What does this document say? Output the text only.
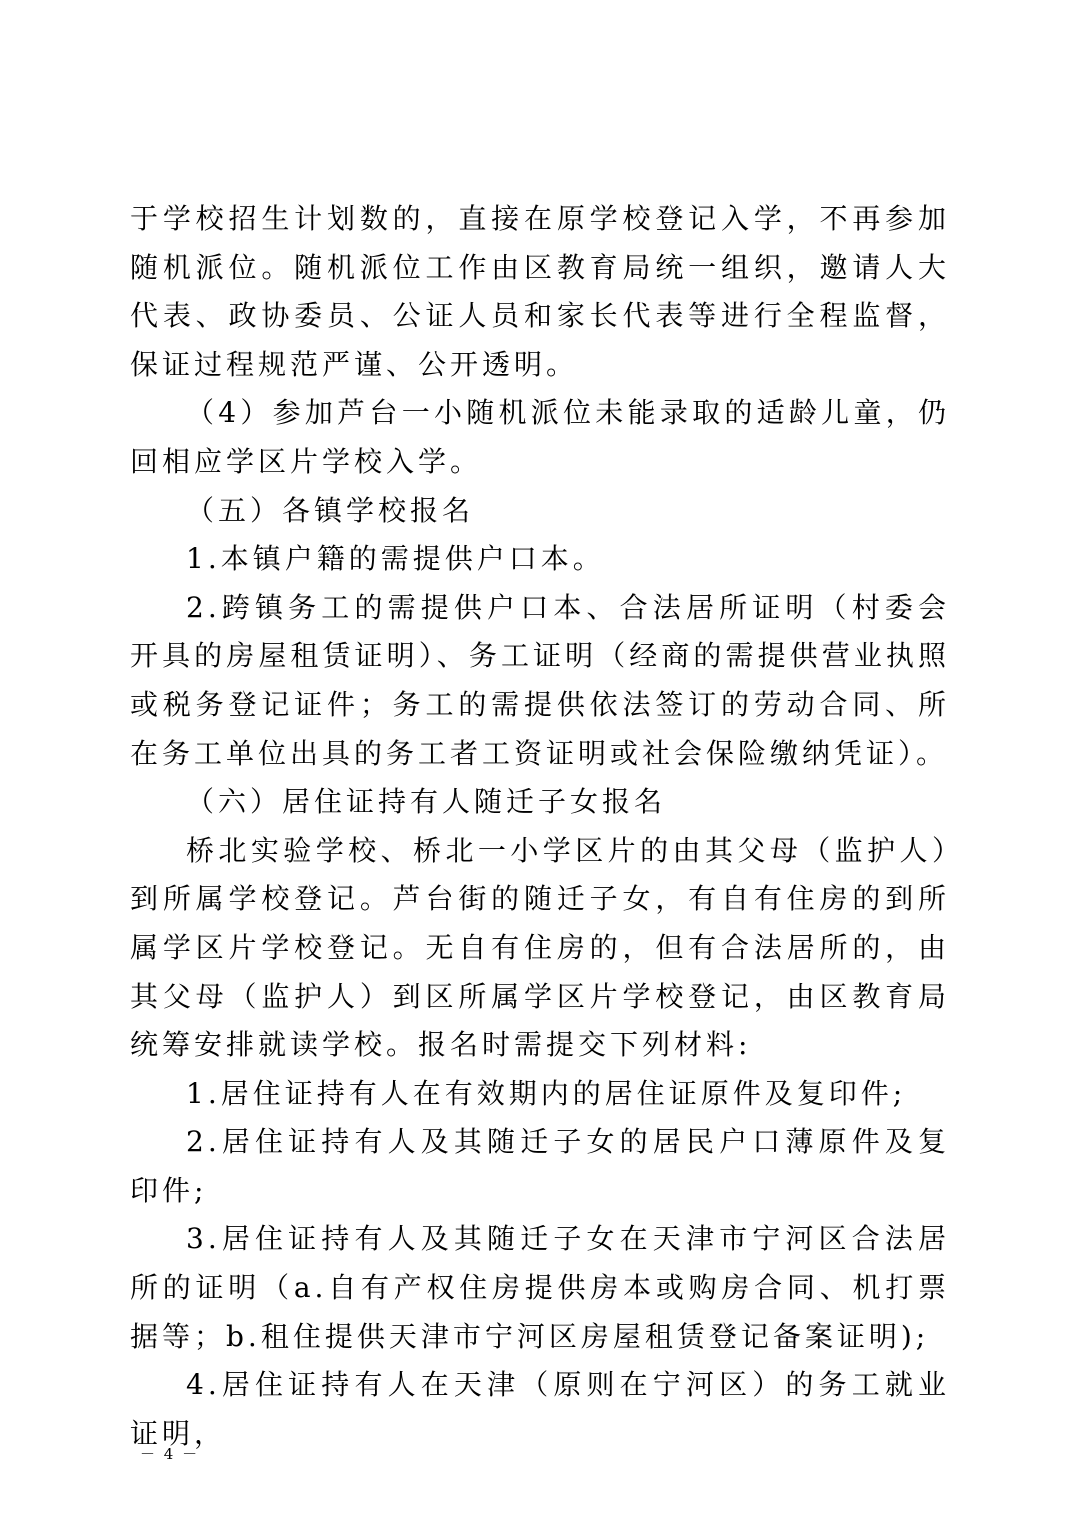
于学校招生计划数的，直接在原学校登记入学，不再参加随机派位。随机派位工作由区教育局统一组织，邀请人大代表、政协委员、公证人员和家长代表等进行全程监督，保证过程规范严谨、公开透明。

（4）参加芦台一小随机派位未能录取的适龄儿童，仍回相应学区片学校入学。

（五）各镇学校报名

1.本镇户籍的需提供户口本。

2.跨镇务工的需提供户口本、合法居所证明（村委会开具的房屋租赁证明）、务工证明（经商的需提供营业执照或税务登记证件；务工的需提供依法签订的劳动合同、所在务工单位出具的务工者工资证明或社会保险缴纳凭证）。

（六）居住证持有人随迁子女报名

桥北实验学校、桥北一小学区片的由其父母（监护人）到所属学校登记。芦台街的随迁子女，有自有住房的到所属学区片学校登记。无自有住房的，但有合法居所的，由其父母（监护人）到区所属学区片学校登记，由区教育局统筹安排就读学校。报名时需提交下列材料:

1.居住证持有人在有效期内的居住证原件及复印件;

2.居住证持有人及其随迁子女的居民户口薄原件及复印件;

3.居住证持有人及其随迁子女在天津市宁河区合法居所的证明（a.自有产权住房提供房本或购房合同、机打票据等；b.租住提供天津市宁河区房屋租赁登记备案证明);

4.居住证持有人在天津（原则在宁河区）的务工就业证明，

－ 4 －
